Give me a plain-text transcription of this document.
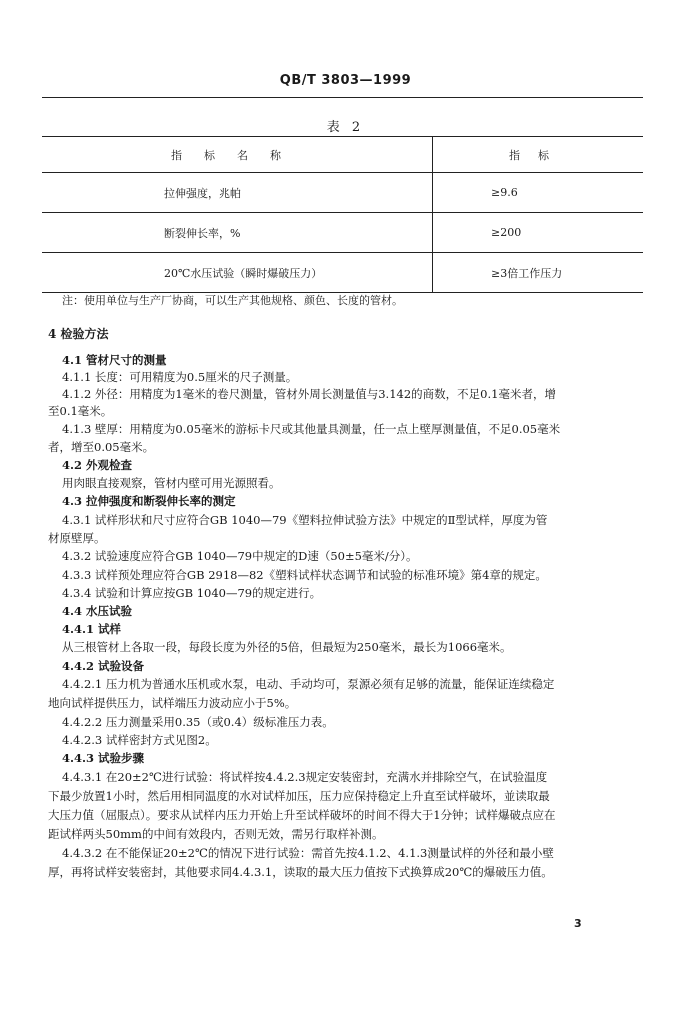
QB/T 3803—1999
表 2
指标名称	指标
拉伸强度，兆帕	≥9.6
断裂伸长率，%	≥200
20℃水压试验（瞬时爆破压力）	≥3倍工作压力
注：使用单位与生产厂协商，可以生产其他规格、颜色、长度的管材。
4 检验方法
4.1 管材尺寸的测量
4.1.1 长度：可用精度为0.5厘米的尺子测量。
4.1.2 外径：用精度为1毫米的卷尺测量，管材外周长测量值与3.142的商数，不足0.1毫米者，增
至0.1毫米。
4.1.3 壁厚：用精度为0.05毫米的游标卡尺或其他量具测量，任一点上壁厚测量值，不足0.05毫米
者，增至0.05毫米。
4.2 外观检查
用肉眼直接观察，管材内壁可用光源照看。
4.3 拉伸强度和断裂伸长率的测定
4.3.1 试样形状和尺寸应符合GB 1040—79《塑料拉伸试验方法》中规定的Ⅱ型试样，厚度为管
材原壁厚。
4.3.2 试验速度应符合GB 1040—79中规定的D速（50±5毫米/分）。
4.3.3 试样预处理应符合GB 2918—82《塑料试样状态调节和试验的标准环境》第4章的规定。
4.3.4 试验和计算应按GB 1040—79的规定进行。
4.4 水压试验
4.4.1 试样
从三根管材上各取一段，每段长度为外径的5倍，但最短为250毫米，最长为1066毫米。
4.4.2 试验设备
4.4.2.1 压力机为普通水压机或水泵，电动、手动均可，泵源必须有足够的流量，能保证连续稳定
地向试样提供压力，试样端压力波动应小于5%。
4.4.2.2 压力测量采用0.35（或0.4）级标准压力表。
4.4.2.3 试样密封方式见图2。
4.4.3 试验步骤
4.4.3.1 在20±2℃进行试验：将试样按4.4.2.3规定安装密封，充满水并排除空气，在试验温度
下最少放置1小时，然后用相同温度的水对试样加压，压力应保持稳定上升直至试样破坏，並读取最
大压力值（屈服点）。要求从试样内压力开始上升至试样破坏的时间不得大于1分钟；试样爆破点应在
距试样两头50mm的中间有效段内，否则无效，需另行取样补测。
4.4.3.2 在不能保证20±2℃的情况下进行试验：需首先按4.1.2、4.1.3测量试样的外径和最小壁
厚，再将试样安装密封，其他要求同4.4.3.1，读取的最大压力值按下式换算成20℃的爆破压力值。
3
